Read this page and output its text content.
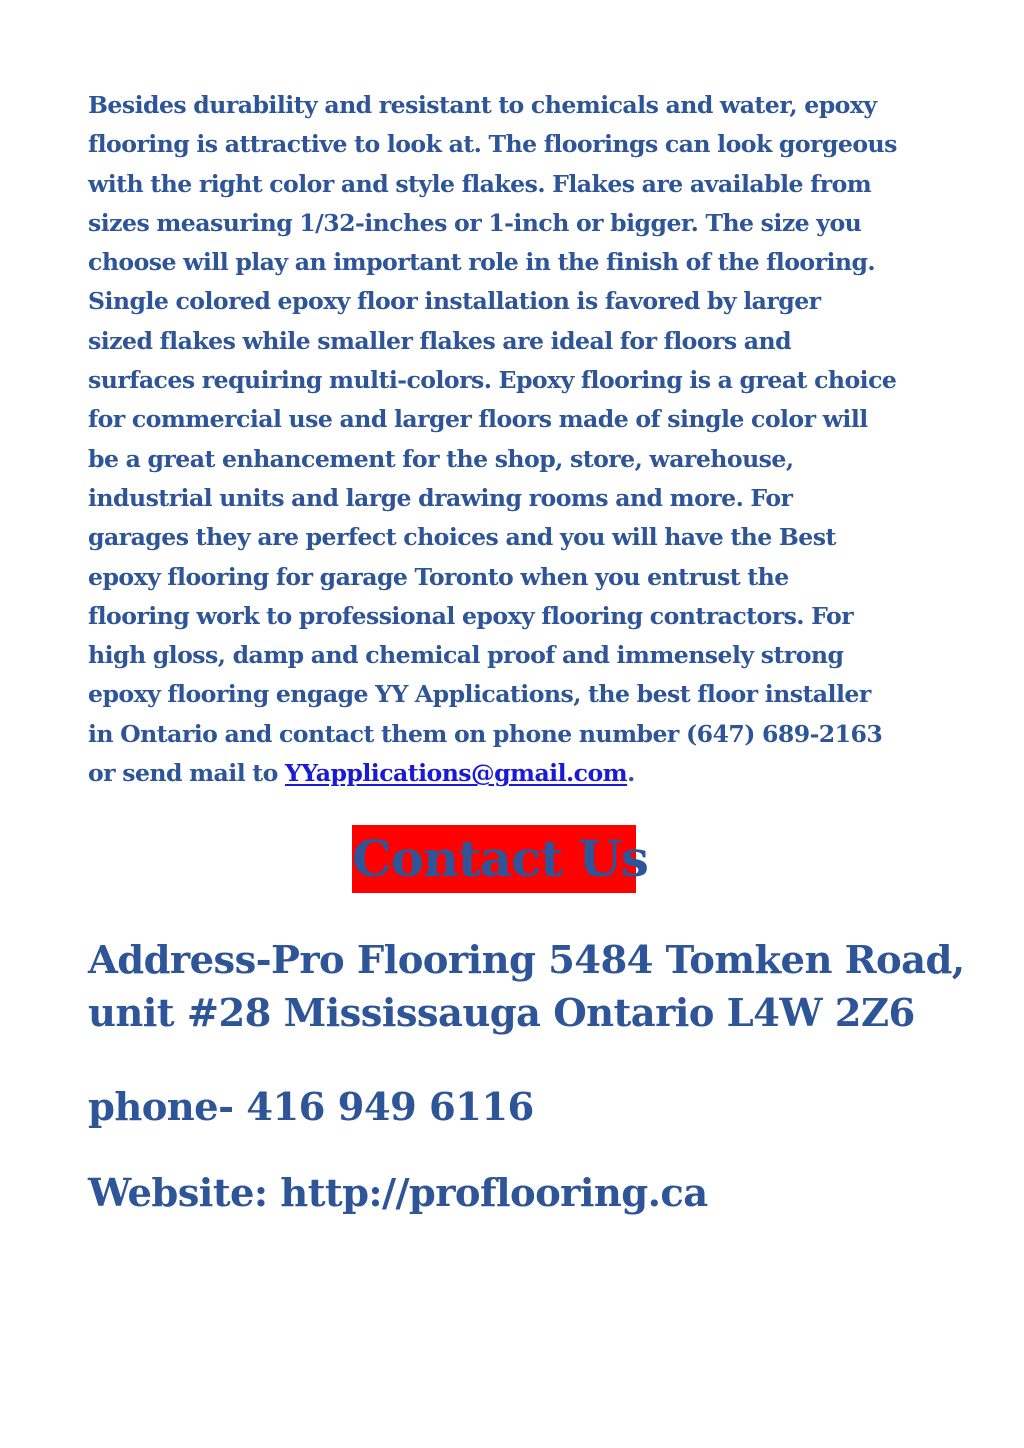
Besides durability and resistant to chemicals and water, epoxy
flooring is attractive to look at. The floorings can look gorgeous
with the right color and style flakes. Flakes are available from
sizes measuring 1/32-inches or 1-inch or bigger. The size you
choose will play an important role in the finish of the flooring.
Single colored epoxy floor installation is favored by larger
sized flakes while smaller flakes are ideal for floors and
surfaces requiring multi-colors. Epoxy flooring is a great choice
for commercial use and larger floors made of single color will
be a great enhancement for the shop, store, warehouse,
industrial units and large drawing rooms and more. For
garages they are perfect choices and you will have the Best
epoxy flooring for garage Toronto when you entrust the
flooring work to professional epoxy flooring contractors. For
high gloss, damp and chemical proof and immensely strong
epoxy flooring engage YY Applications, the best floor installer
in Ontario and contact them on phone number (647) 689-2163
or send mail to YYapplications@gmail.com.

Contact Us
Address-Pro Flooring 5484 Tomken Road,
unit #28 Mississauga Ontario L4W 2Z6
phone- 416 949 6116
Website: http://proflooring.ca
